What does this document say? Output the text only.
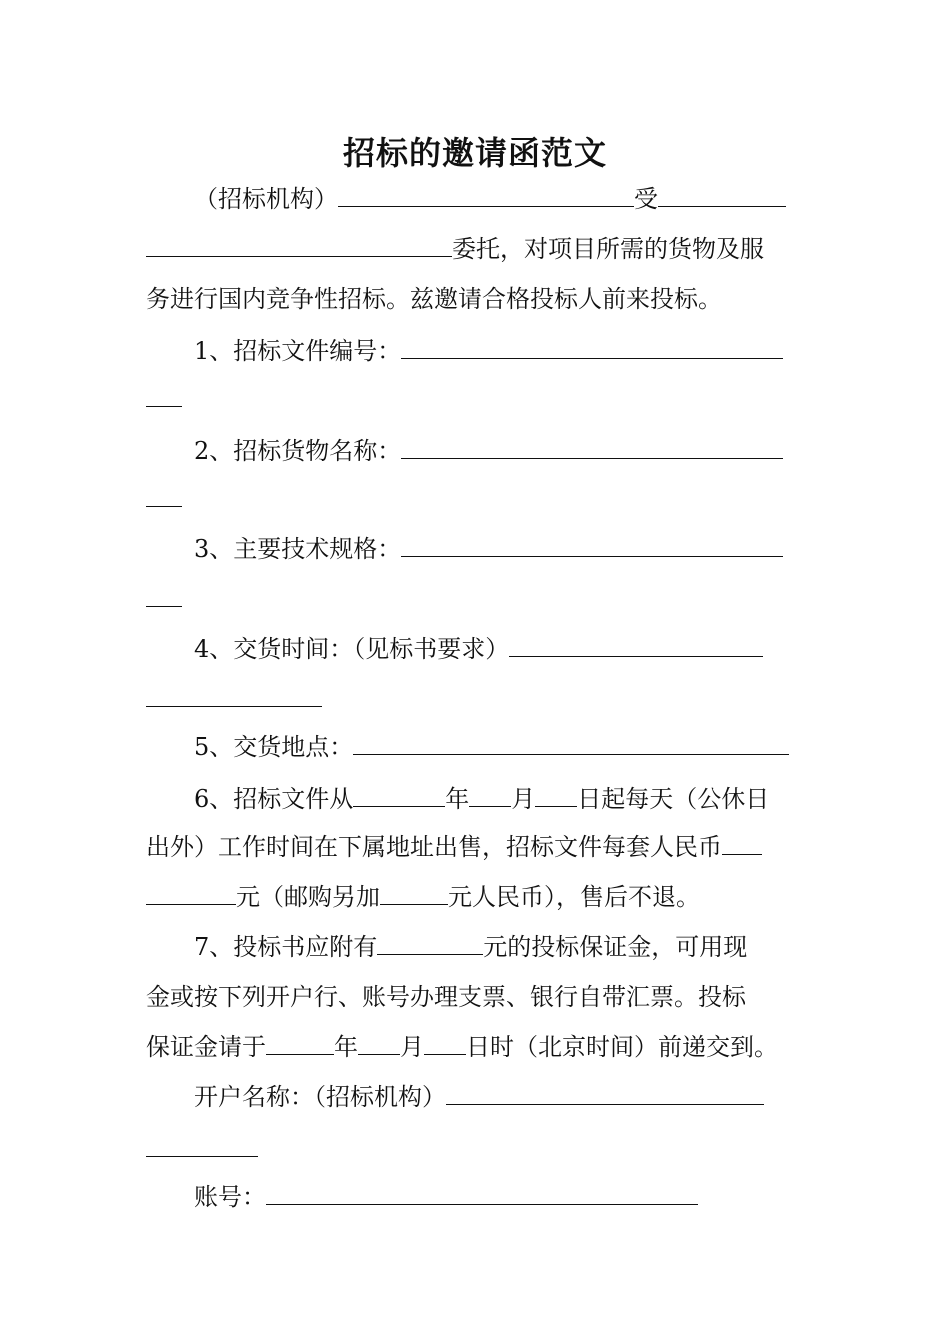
招标的邀请函范文
（招标机构）	受
委托，对项目所需的货物及服
务进行国内竞争性招标。兹邀请合格投标人前来投标。
1、招标文件编号：
2、招标货物名称：
3、主要技术规格：
4、交货时间：（见标书要求）
5、交货地点：
6、招标文件从	年 月 日起每天（公休日
出外）工作时间在下属地址出售，招标文件每套人民币
元（邮购另加	元人民币），售后不退。
7、投标书应附有	元的投标保证金，可用现
金或按下列开户行、账号办理支票、银行自带汇票。投标
保证金请于	年 月 日时（北京时间）前递交到。
开户名称：（招标机构）
账号：
